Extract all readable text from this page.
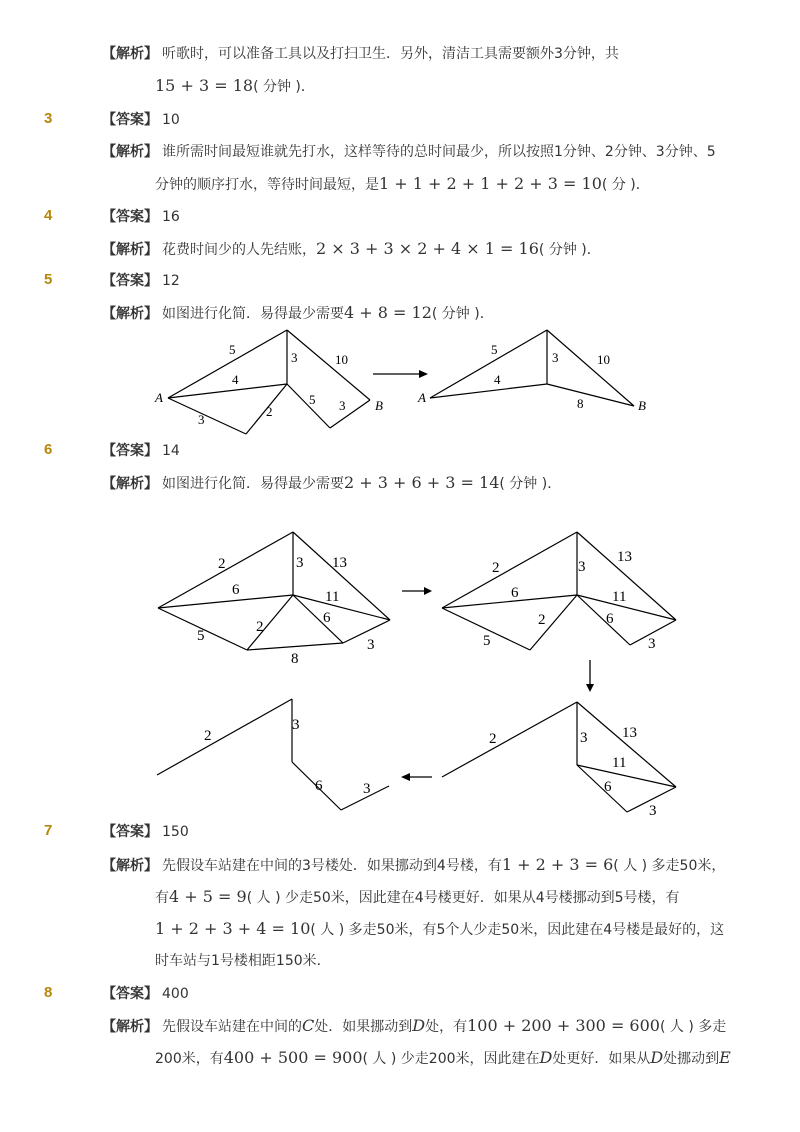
【解析】 听歌时，可以准备工具以及打扫卫生．另外，清洁工具需要额外3分钟，共
15 + 3 = 18( 分钟 )．
3	【答案】 10
【解析】 谁所需时间最短谁就先打水，这样等待的总时间最少，所以按照1分钟、2分钟、3分钟、5
分钟的顺序打水，等待时间最短，是1 + 1 + 2 + 1 + 2 + 3 = 10( 分 )．
4	【答案】 16
【解析】 花费时间少的人先结账，2 × 3 + 3 × 2 + 4 × 1 = 16( 分钟 )．
5	【答案】 12
【解析】 如图进行化简．易得最少需要4 + 8 = 12( 分钟 )．
A
B
5
3	10
4
2
5 3
3
A
B
5
3	10
4
8
2	3 13
6	11
5
2
6
3
8
2	3
13
6	11
5
2	6
3
2	3 13
11
6
3
2
3
6	3
6	【答案】 14
【解析】 如图进行化简．易得最少需要2 + 3 + 6 + 3 = 14( 分钟 )．
7	【答案】 150
【解析】 先假设车站建在中间的3号楼处．如果挪动到4号楼，有1 + 2 + 3 = 6( 人 ) 多走50米，
有4 + 5 = 9( 人 ) 少走50米，因此建在4号楼更好．如果从4号楼挪动到5号楼，有
1 + 2 + 3 + 4 = 10( 人 ) 多走50米，有5个人少走50米，因此建在4号楼是最好的，这
时车站与1号楼相距150米．
8	【答案】 400
【解析】 先假设车站建在中间的C处．如果挪动到D处，有100 + 200 + 300 = 600( 人 ) 多走
200米，有400 + 500 = 900( 人 ) 少走200米，因此建在D处更好．如果从D处挪动到E
